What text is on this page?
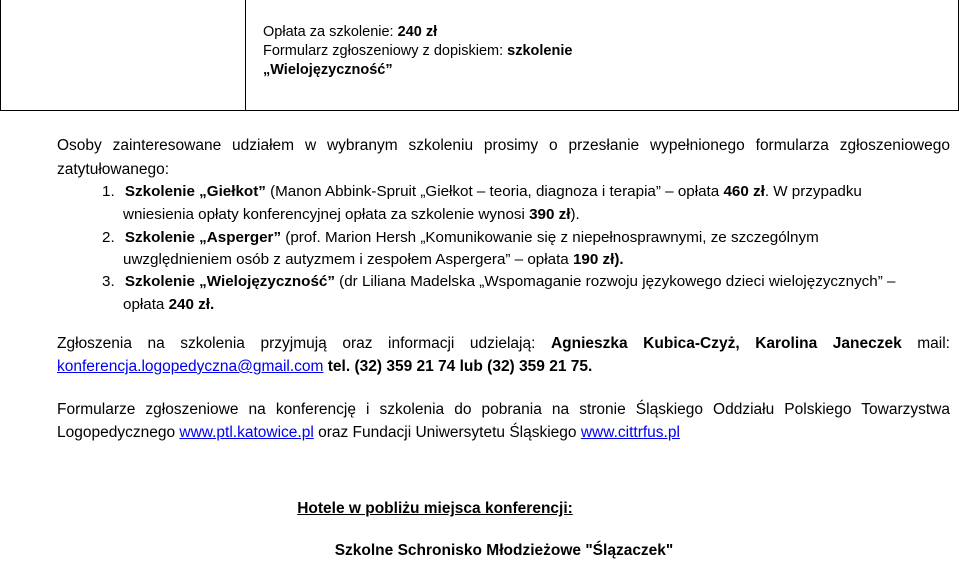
Opłata za szkolenie: 240 zł
Formularz zgłoszeniowy z dopiskiem: szkolenie
„Wielojęzyczność”
Osoby zainteresowane udziałem w wybranym szkoleniu prosimy o przesłanie wypełnionego formularza zgłoszeniowego
zatytułowanego:
1. Szkolenie „Giełkot” (Manon Abbink-Spruit „Giełkot – teoria, diagnoza i terapia” – opłata 460 zł. W przypadku
wniesienia opłaty konferencyjnej opłata za szkolenie wynosi 390 zł).
2. Szkolenie „Asperger” (prof. Marion Hersh „Komunikowanie się z niepełnosprawnymi, ze szczególnym
uwzględnieniem osób z autyzmem i zespołem Aspergera” – opłata 190 zł).
3. Szkolenie „Wielojęzyczność” (dr Liliana Madelska „Wspomaganie rozwoju językowego dzieci wielojęzycznych” –
opłata 240 zł.
Zgłoszenia na szkolenia przyjmują oraz informacji udzielają: Agnieszka Kubica-Czyż, Karolina Janeczek mail:
konferencja.logopedyczna@gmail.com tel. (32) 359 21 74 lub (32) 359 21 75.
Formularze zgłoszeniowe na konferencję i szkolenia do pobrania na stronie Śląskiego Oddziału Polskiego Towarzystwa
Logopedycznego www.ptl.katowice.pl oraz Fundacji Uniwersytetu Śląskiego www.cittrfus.pl
Hotele w pobliżu miejsca konferencji:
Szkolne Schronisko Młodzieżowe "Ślązaczek"
